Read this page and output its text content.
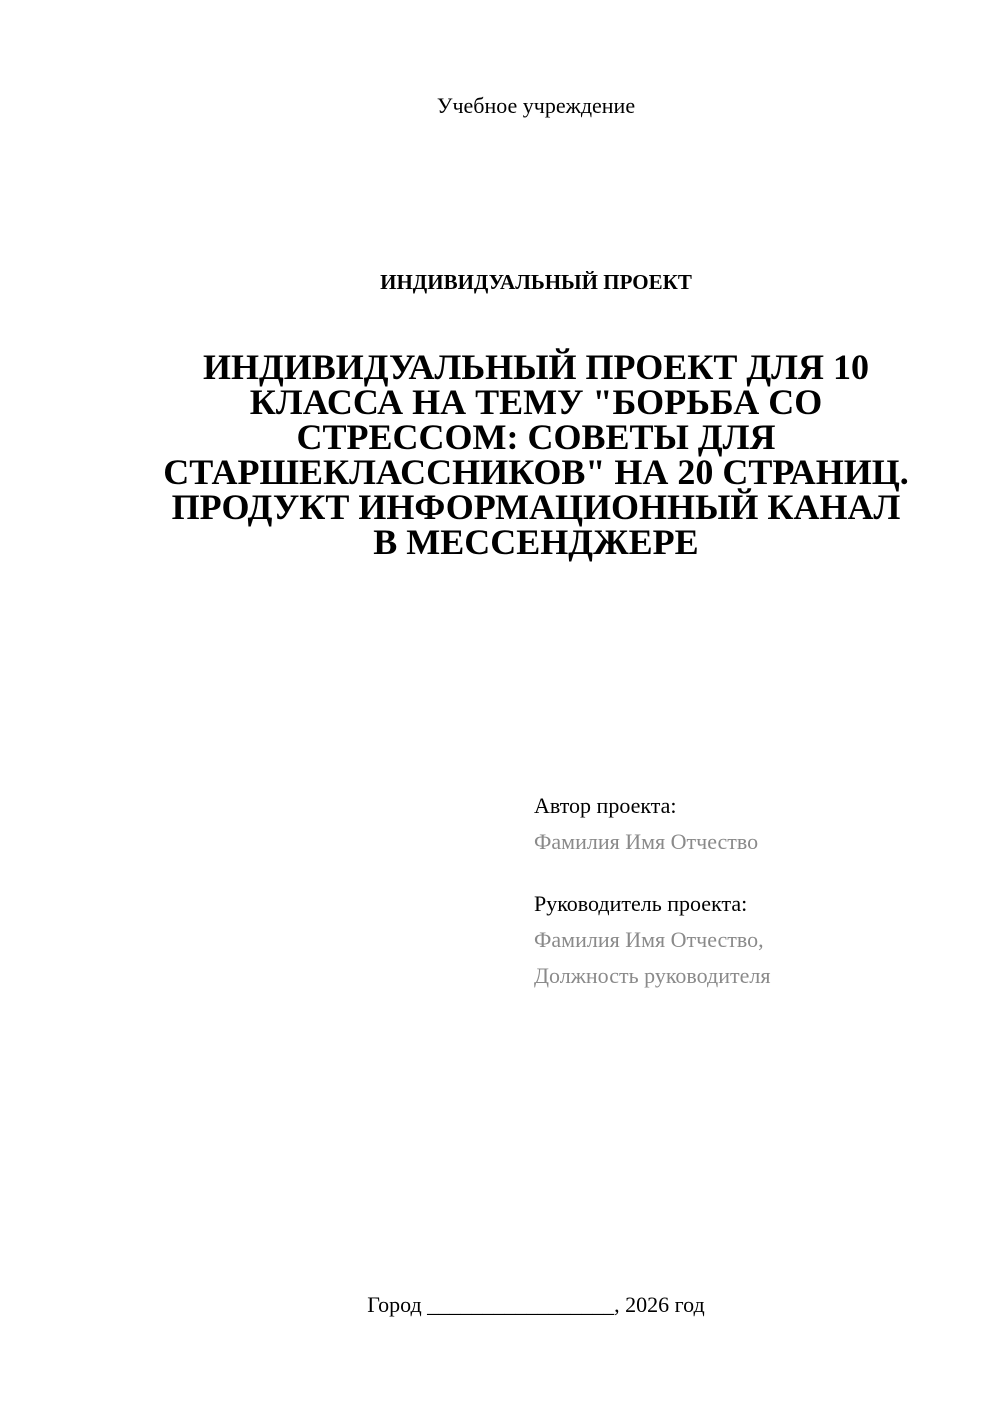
Учебное учреждение
ИНДИВИДУАЛЬНЫЙ ПРОЕКТ
ИНДИВИДУАЛЬНЫЙ ПРОЕКТ ДЛЯ 10 КЛАССА НА ТЕМУ "БОРЬБА СО СТРЕССОМ: СОВЕТЫ ДЛЯ СТАРШЕКЛАССНИКОВ" НА 20 СТРАНИЦ. ПРОДУКТ ИНФОРМАЦИОННЫЙ КАНАЛ В МЕССЕНДЖЕРЕ
Автор проекта:
Фамилия Имя Отчество
Руководитель проекта:
Фамилия Имя Отчество,
Должность руководителя
Город _________________, 2026 год
